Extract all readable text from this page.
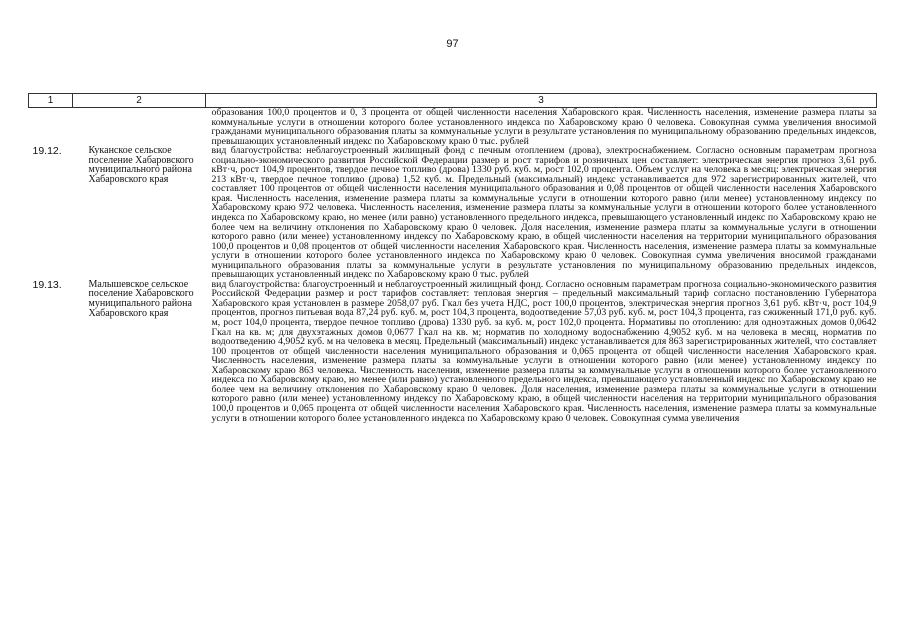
97
1	2	3

		образования 100,0 процентов и 0, 3 процента от общей численности населения Хабаровского края. Численность населения, изменение размера платы за коммунальные услуги в отношении которого более установленного индекса по Хабаровскому краю 0 человека. Совокупная сумма увеличения вносимой гражданами муниципального образования платы за коммунальные услуги в результате установления по муниципальному образованию предельных индексов, превышающих установленный индекс по Хабаровскому краю 0 тыс. рублей

19.12.	Куканское сельское поселение Хабаровского муниципального района Хабаровского края	вид благоустройства: неблагоустроенный жилищный фонд с печным отоплением (дрова), электроснабжением. Согласно основным параметрам прогноза социально-экономического развития Российской Федерации размер и рост тарифов и розничных цен составляет: электрическая энергия прогноз 3,61 руб. кВт·ч, рост 104,9 процентов, твердое печное топливо (дрова) 1330 руб. куб. м, рост 102,0 процента. Объем услуг на человека в месяц: электрическая энергия 213 кВт·ч, твердое печное топливо (дрова) 1,52 куб. м. Предельный (максимальный) индекс устанавливается для 972 зарегистрированных жителей, что составляет 100 процентов от общей численности населения муниципального образования и 0,08 процентов от общей численности населения Хабаровского края. Численность населения, изменение размера платы за коммунальные услуги в отношении которого равно (или менее) установленному индексу по Хабаровскому краю 972 человека. Численность населения, изменение размера платы за коммунальные услуги в отношении которого более установленного индекса по Хабаровскому краю, но менее (или равно) установленного предельного индекса, превышающего установленный индекс по Хабаровскому краю не более чем на величину отклонения по Хабаровскому краю 0 человек. Доля населения, изменение размера платы за коммунальные услуги в отношении которого равно (или менее) установленному индексу по Хабаровскому краю, в общей численности населения на территории муниципального образования 100,0 процентов и 0,08 процентов от общей численности населения Хабаровского края. Численность населения, изменение размера платы за коммунальные услуги в отношении которого более установленного индекса по Хабаровскому краю 0 человек. Совокупная сумма увеличения вносимой гражданами муниципального образования платы за коммунальные услуги в результате установления по муниципальному образованию предельных индексов, превышающих установленный индекс по Хабаровскому краю 0 тыс. рублей

19.13.	Малышевское сельское поселение Хабаровского муниципального района Хабаровского края	вид благоустройства: благоустроенный и неблагоустроенный жилищный фонд. Согласно основным параметрам прогноза социально-экономического развития Российской Федерации размер и рост тарифов составляет: тепловая энергия – предельный максимальный тариф согласно постановлению Губернатора Хабаровского края установлен в размере 2058,07 руб. Гкал без учета НДС, рост 100,0 процентов, электрическая энергия прогноз 3,61 руб. кВт·ч, рост 104,9 процентов, прогноз питьевая вода 87,24 руб. куб. м, рост 104,3 процента, водоотведение 57,03 руб. куб. м, рост 104,3 процента, газ сжиженный 171,0 руб. куб. м, рост 104,0 процента, твердое печное топливо (дрова) 1330 руб. за куб. м, рост 102,0 процента. Нормативы по отоплению: для одноэтажных домов 0,0642 Гкал на кв. м; для двухэтажных домов 0,0677 Гкал на кв. м; норматив по холодному водоснабжению 4,9052 куб. м на человека в месяц, норматив по водоотведению 4,9052 куб. м на человека в месяц. Предельный (максимальный) индекс устанавливается для 863 зарегистрированных жителей, что составляет 100 процентов от общей численности населения муниципального образования и 0,065 процента от общей численности населения Хабаровского края. Численность населения, изменение размера платы за коммунальные услуги в отношении которого равно (или менее) установленному индексу по Хабаровскому краю 863 человека. Численность населения, изменение размера платы за коммунальные услуги в отношении которого более установленного индекса по Хабаровскому краю, но менее (или равно) установленного предельного индекса, превышающего установленный индекс по Хабаровскому краю не более чем на величину отклонения по Хабаровскому краю 0 человек. Доля населения, изменение размера платы за коммунальные услуги в отношении которого равно (или менее) установленному индексу по Хабаровскому краю, в общей численности населения на территории муниципального образования 100,0 процентов и 0,065 процента от общей численности населения Хабаровского края. Численность населения, изменение размера платы за коммунальные услуги в отношении которого более установленного индекса по Хабаровскому краю 0 человек. Совокупная сумма увеличения
